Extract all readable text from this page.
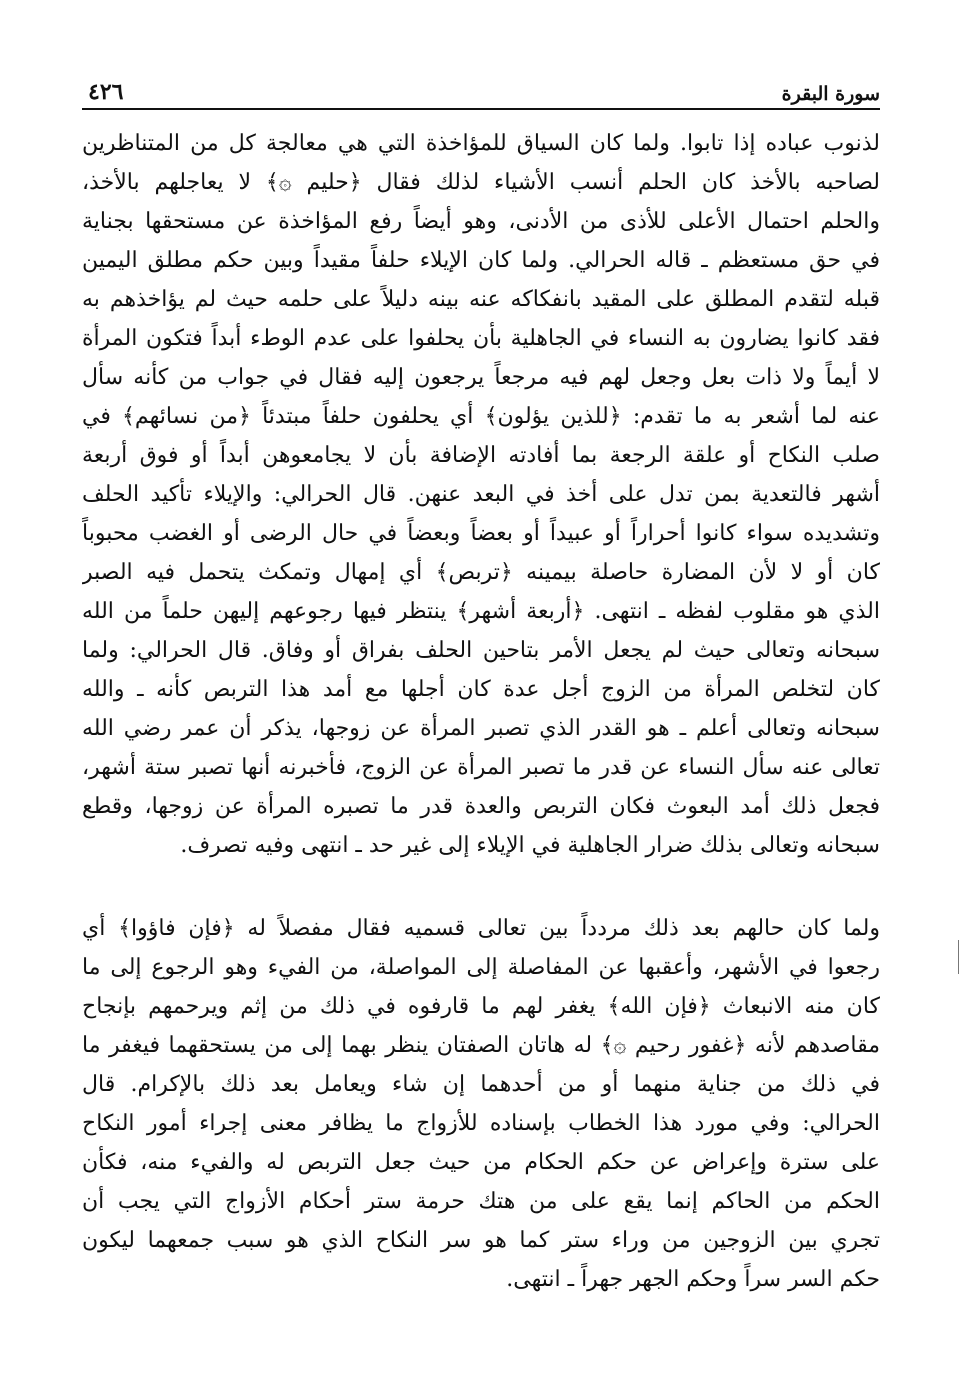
سورة البقرة
٤٢٦
لذنوب عباده إذا تابوا. ولما كان السياق للمؤاخذة التي هي معالجة كل من المتناظرين
لصاحبه بالأخذ كان الحلم أنسب الأشياء لذلك فقال ﴿حليم ۞﴾ لا يعاجلهم بالأخذ،
والحلم احتمال الأعلى للأذى من الأدنى، وهو أيضاً رفع المؤاخذة عن مستحقها بجناية
في حق مستعظم ـ قاله الحرالي. ولما كان الإيلاء حلفاً مقيداً وبين حكم مطلق اليمين
قبله لتقدم المطلق على المقيد بانفكاكه عنه بينه دليلاً على حلمه حيث لم يؤاخذهم به
فقد كانوا يضارون به النساء في الجاهلية بأن يحلفوا على عدم الوطء أبداً فتكون المرأة
لا أيماً ولا ذات بعل وجعل لهم فيه مرجعاً يرجعون إليه فقال في جواب من كأنه سأل
عنه لما أشعر به ما تقدم: ﴿للذين يؤلون﴾ أي يحلفون حلفاً مبتدئاً ﴿من نسائهم﴾ في
صلب النكاح أو علقة الرجعة بما أفادته الإضافة بأن لا يجامعوهن أبداً أو فوق أربعة
أشهر فالتعدية بمن تدل على أخذ في البعد عنهن. قال الحرالي: والإيلاء تأكيد الحلف
وتشديده سواء كانوا أحراراً أو عبيداً أو بعضاً وبعضاً في حال الرضى أو الغضب محبوباً
كان أو لا لأن المضارة حاصلة بيمينه ﴿تربص﴾ أي إمهال وتمكث يتحمل فيه الصبر
الذي هو مقلوب لفظه ـ انتهى. ﴿أربعة أشهر﴾ ينتظر فيها رجوعهم إليهن حلماً من الله
سبحانه وتعالى حيث لم يجعل الأمر بتاحين الحلف بفراق أو وفاق. قال الحرالي: ولما
كان لتخلص المرأة من الزوج أجل عدة كان أجلها مع أمد هذا التربص كأنه ـ والله
سبحانه وتعالى أعلم ـ هو القدر الذي تصبر المرأة عن زوجها، يذكر أن عمر رضي الله
تعالى عنه سأل النساء عن قدر ما تصبر المرأة عن الزوج، فأخبرنه أنها تصبر ستة أشهر،
فجعل ذلك أمد البعوث فكان التربص والعدة قدر ما تصبره المرأة عن زوجها، وقطع
سبحانه وتعالى بذلك ضرار الجاهلية في الإيلاء إلى غير حد ـ انتهى وفيه تصرف.
ولما كان حالهم بعد ذلك مردداً بين تعالى قسميه فقال مفصلاً له ﴿فإن فاؤوا﴾ أي
رجعوا في الأشهر، وأعقبها عن المفاصلة إلى المواصلة، من الفيء وهو الرجوع إلى ما
كان منه الانبعاث ﴿فإن الله﴾ يغفر لهم ما قارفوه في ذلك من إثم ويرحمهم بإنجاح
مقاصدهم لأنه ﴿غفور رحيم ۞﴾ له هاتان الصفتان ينظر بهما إلى من يستحقهما فيغفر ما
في ذلك من جناية منهما أو من أحدهما إن شاء ويعامل بعد ذلك بالإكرام. قال
الحرالي: وفي مورد هذا الخطاب بإسناده للأزواج ما يظافر معنى إجراء أمور النكاح
على سترة وإعراض عن حكم الحكام من حيث جعل التربص له والفيء منه، فكأن
الحكم من الحاكم إنما يقع على من هتك حرمة ستر أحكام الأزواج التي يجب أن
تجري بين الزوجين من وراء ستر كما هو سر النكاح الذي هو سبب جمعهما ليكون
حكم السر سراً وحكم الجهر جهراً ـ انتهى.
